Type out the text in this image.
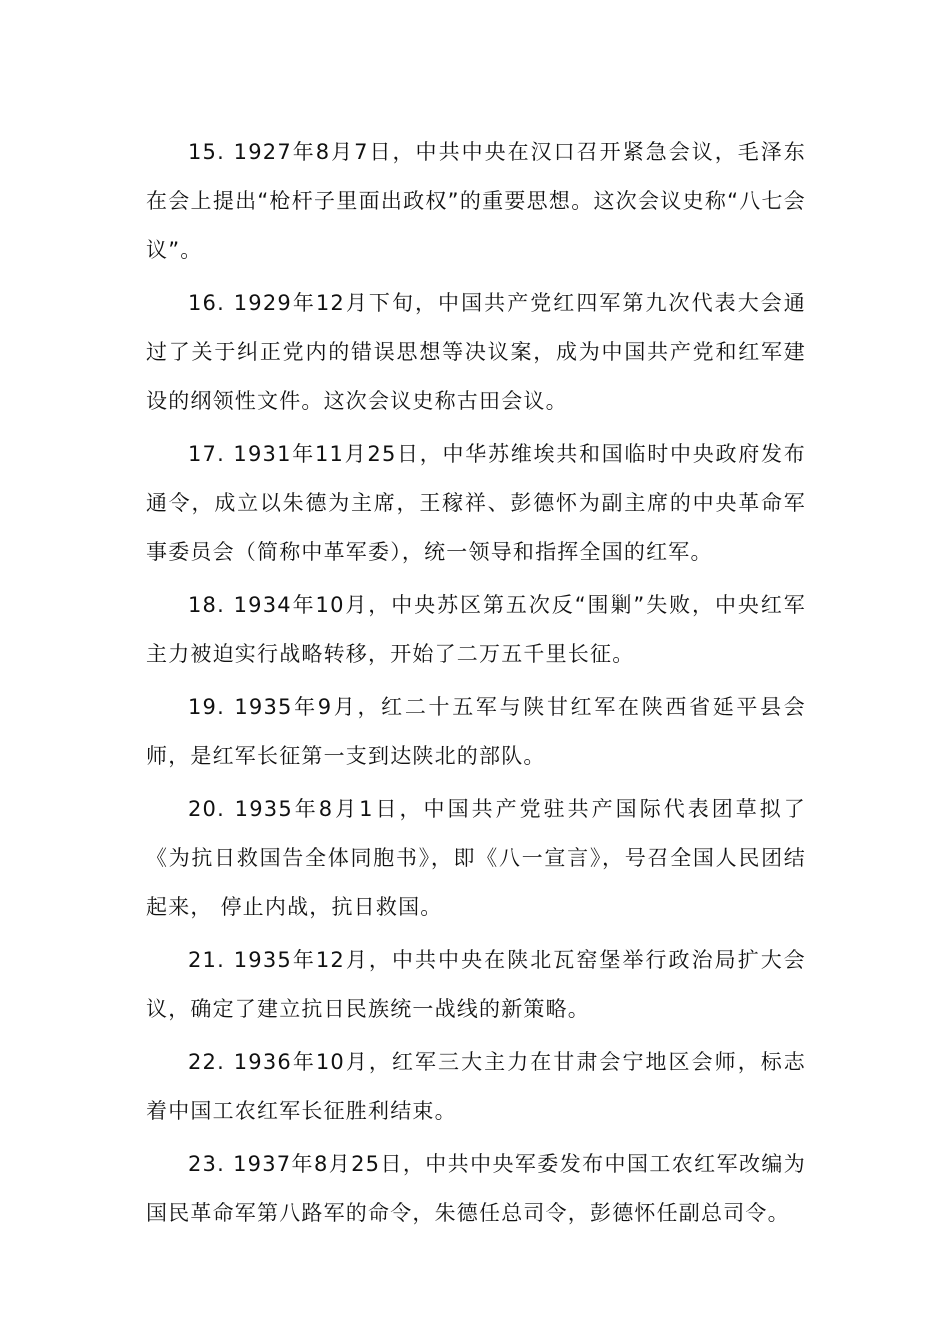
15. 1927年8月7日，中共中央在汉口召开紧急会议，毛泽东在会上提出“枪杆子里面出政权”的重要思想。这次会议史称“八七会议”。

16. 1929年12月下旬，中国共产党红四军第九次代表大会通过了关于纠正党内的错误思想等决议案，成为中国共产党和红军建设的纲领性文件。这次会议史称古田会议。

17. 1931年11月25日，中华苏维埃共和国临时中央政府发布通令，成立以朱德为主席，王稼祥、彭德怀为副主席的中央革命军事委员会（简称中革军委），统一领导和指挥全国的红军。

18. 1934年10月，中央苏区第五次反“围剿”失败，中央红军主力被迫实行战略转移，开始了二万五千里长征。

19. 1935年9月，红二十五军与陕甘红军在陕西省延平县会师，是红军长征第一支到达陕北的部队。

20. 1935年8月1日，中国共产党驻共产国际代表团草拟了《为抗日救国告全体同胞书》，即《八一宣言》，号召全国人民团结起来， 停止内战，抗日救国。

21. 1935年12月，中共中央在陕北瓦窑堡举行政治局扩大会议，确定了建立抗日民族统一战线的新策略。

22. 1936年10月，红军三大主力在甘肃会宁地区会师，标志着中国工农红军长征胜利结束。

23. 1937年8月25日，中共中央军委发布中国工农红军改编为国民革命军第八路军的命令，朱德任总司令，彭德怀任副总司令。
